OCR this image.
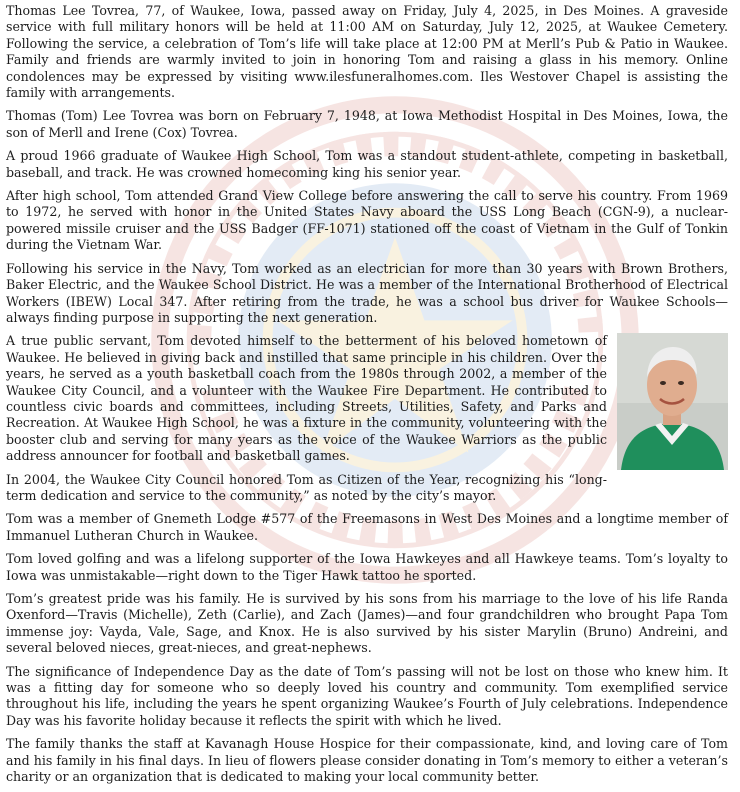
Thomas Lee Tovrea, 77, of Waukee, Iowa, passed away on Friday, July 4, 2025, in Des Moines. A graveside service with full military honors will be held at 11:00 AM on Saturday, July 12, 2025, at Waukee Cemetery. Following the service, a celebration of Tom’s life will take place at 12:00 PM at Merll’s Pub & Patio in Waukee. Family and friends are warmly invited to join in honoring Tom and raising a glass in his memory. Online condolences may be expressed by visiting www.ilesfuneralhomes.com. Iles Westover Chapel is assisting the family with arrangements.

Thomas (Tom) Lee Tovrea was born on February 7, 1948, at Iowa Methodist Hospital in Des Moines, Iowa, the son of Merll and Irene (Cox) Tovrea.

A proud 1966 graduate of Waukee High School, Tom was a standout student-athlete, competing in basketball, baseball, and track. He was crowned homecoming king his senior year.

After high school, Tom attended Grand View College before answering the call to serve his country. From 1969 to 1972, he served with honor in the United States Navy aboard the USS Long Beach (CGN-9), a nuclear-powered missile cruiser and the USS Badger (FF-1071) stationed off the coast of Vietnam in the Gulf of Tonkin during the Vietnam War.

Following his service in the Navy, Tom worked as an electrician for more than 30 years with Brown Brothers, Baker Electric, and the Waukee School District. He was a member of the International Brotherhood of Electrical Workers (IBEW) Local 347. After retiring from the trade, he was a school bus driver for Waukee Schools—always finding purpose in supporting the next generation.

A true public servant, Tom devoted himself to the betterment of his beloved hometown of Waukee. He believed in giving back and instilled that same principle in his children. Over the years, he served as a youth basketball coach from the 1980s through 2002, a member of the Waukee City Council, and a volunteer with the Waukee Fire Department. He contributed to countless civic boards and committees, including Streets, Utilities, Safety, and Parks and Recreation. At Waukee High School, he was a fixture in the community, volunteering with the booster club and serving for many years as the voice of the Waukee Warriors as the public address announcer for football and basketball games.

In 2004, the Waukee City Council honored Tom as Citizen of the Year, recognizing his “long-term dedication and service to the community,” as noted by the city’s mayor.

Tom was a member of Gnemeth Lodge #577 of the Freemasons in West Des Moines and a longtime member of Immanuel Lutheran Church in Waukee.

Tom loved golfing and was a lifelong supporter of the Iowa Hawkeyes and all Hawkeye teams. Tom’s loyalty to Iowa was unmistakable—right down to the Tiger Hawk tattoo he sported.

Tom’s greatest pride was his family. He is survived by his sons from his marriage to the love of his life Randa Oxenford—Travis (Michelle), Zeth (Carlie), and Zach (James)—and four grandchildren who brought Papa Tom immense joy: Vayda, Vale, Sage, and Knox. He is also survived by his sister Marylin (Bruno) Andreini, and several beloved nieces, great-nieces, and great-nephews.

The significance of Independence Day as the date of Tom’s passing will not be lost on those who knew him. It was a fitting day for someone who so deeply loved his country and community. Tom exemplified service throughout his life, including the years he spent organizing Waukee’s Fourth of July celebrations. Independence Day was his favorite holiday because it reflects the spirit with which he lived.

The family thanks the staff at Kavanagh House Hospice for their compassionate, kind, and loving care of Tom and his family in his final days. In lieu of flowers please consider donating in Tom’s memory to either a veteran’s charity or an organization that is dedicated to making your local community better.
